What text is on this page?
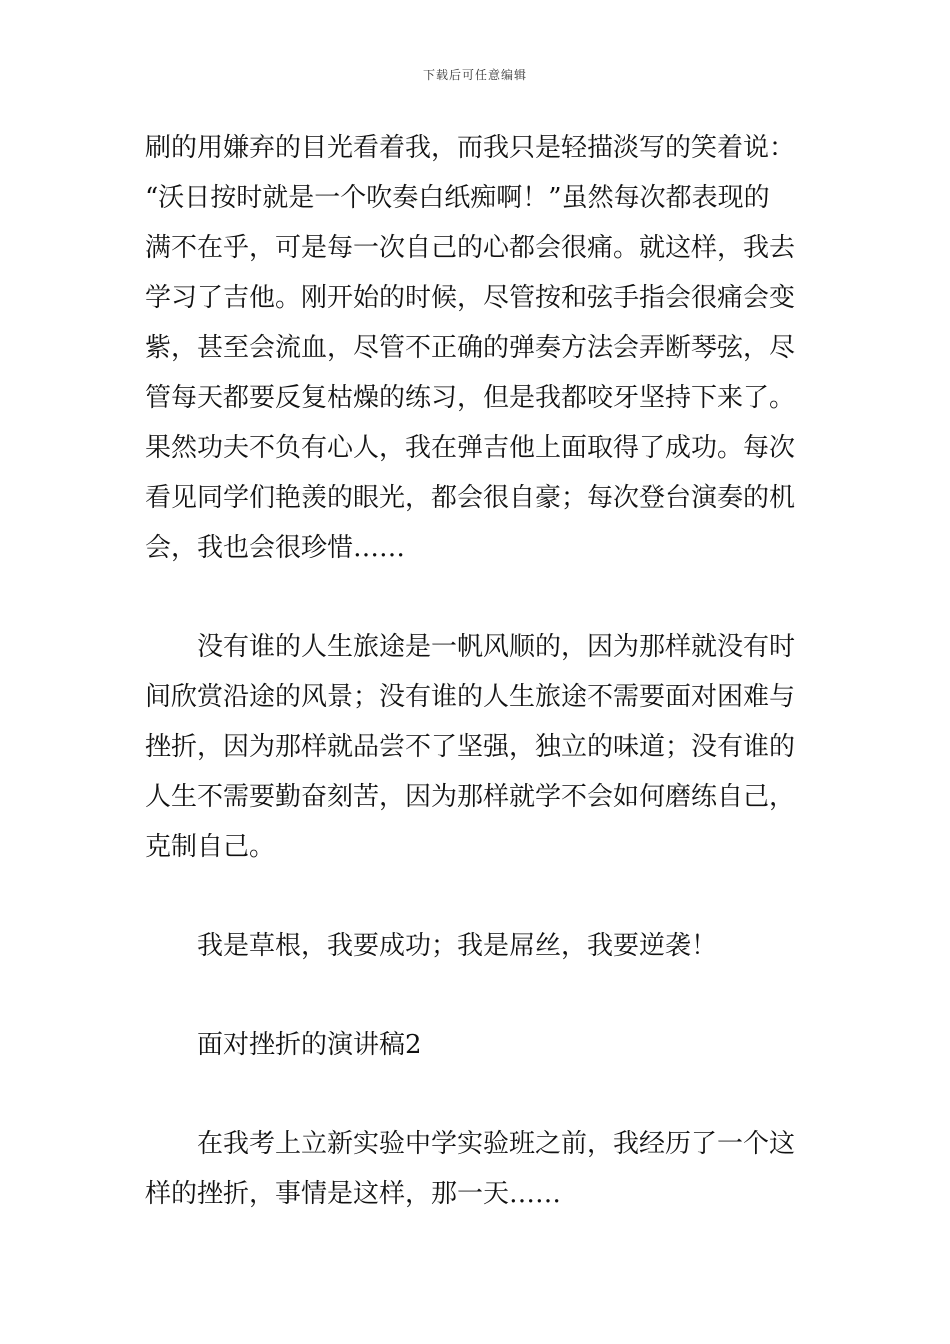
下载后可任意编辑
刷的用嫌弃的目光看着我，而我只是轻描淡写的笑着说：
“沃日按时就是一个吹奏白纸痴啊！”虽然每次都表现的
满不在乎，可是每一次自己的心都会很痛。就这样，我去
学习了吉他。刚开始的时候，尽管按和弦手指会很痛会变
紫，甚至会流血，尽管不正确的弹奏方法会弄断琴弦，尽
管每天都要反复枯燥的练习，但是我都咬牙坚持下来了。
果然功夫不负有心人，我在弹吉他上面取得了成功。每次
看见同学们艳羡的眼光，都会很自豪；每次登台演奏的机
会，我也会很珍惜……
没有谁的人生旅途是一帆风顺的，因为那样就没有时
间欣赏沿途的风景；没有谁的人生旅途不需要面对困难与
挫折，因为那样就品尝不了坚强，独立的味道；没有谁的
人生不需要勤奋刻苦，因为那样就学不会如何磨练自己，
克制自己。
我是草根，我要成功；我是屌丝，我要逆袭！
面对挫折的演讲稿2
在我考上立新实验中学实验班之前，我经历了一个这
样的挫折，事情是这样，那一天……
